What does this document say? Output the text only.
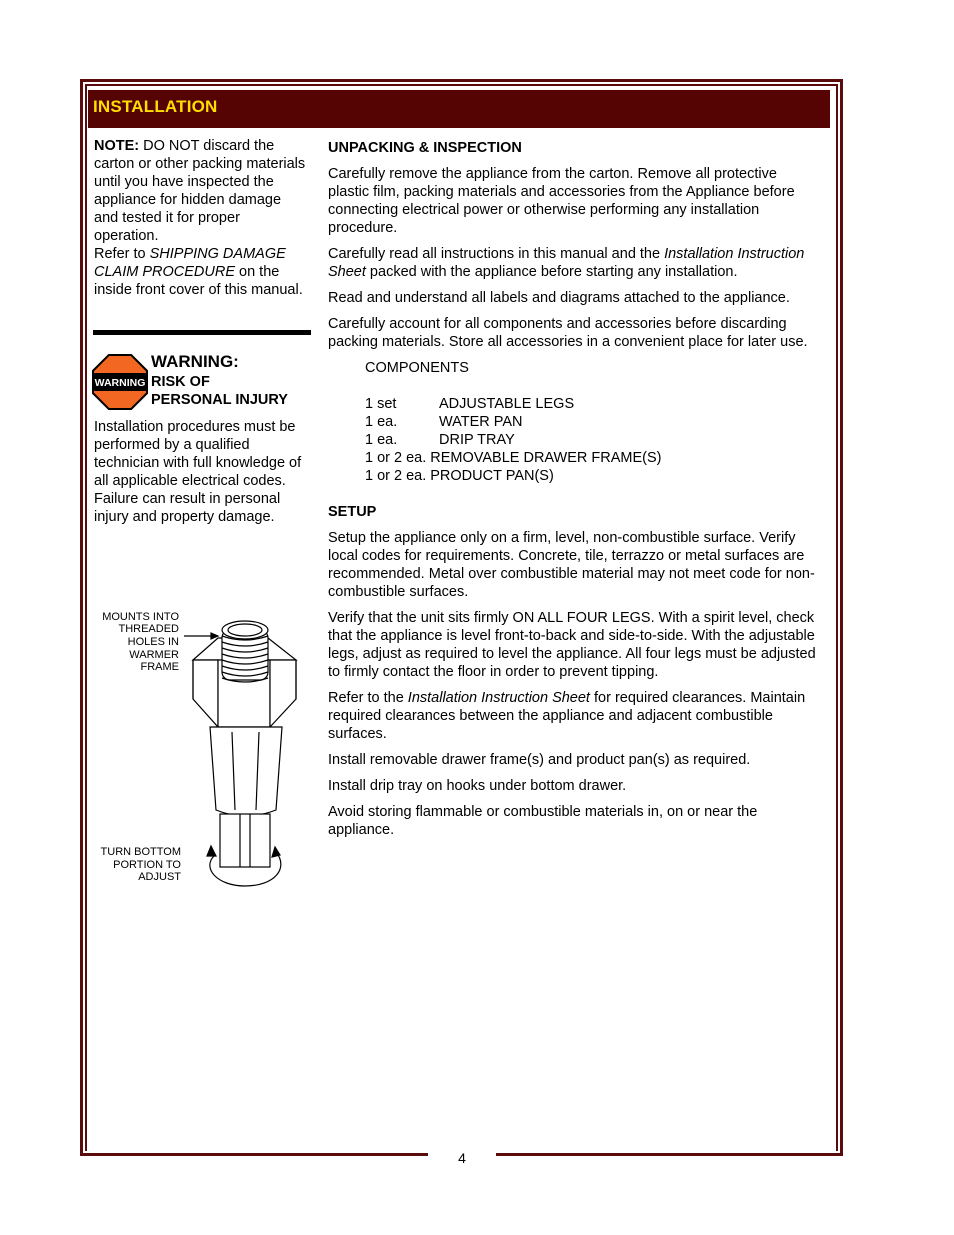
INSTALLATION

NOTE: DO NOT discard the carton or other packing materials until you have inspected the appliance for hidden damage and tested it for proper operation.

Refer to SHIPPING DAMAGE CLAIM PROCEDURE on the inside front cover of this manual.

WARNING
WARNING:
RISK OF
PERSONAL INJURY
Installation procedures must be performed by a qualified technician with full knowledge of all applicable electrical codes. Failure can result in personal injury and property damage.
MOUNTS INTO
THREADED
HOLES IN
WARMER
FRAME
TURN BOTTOM
PORTION TO
ADJUST
UNPACKING & INSPECTION

Carefully remove the appliance from the carton. Remove all protective plastic film, packing materials and accessories from the Appliance before connecting electrical power or otherwise performing any installation procedure.

Carefully read all instructions in this manual and the Installation Instruction Sheet packed with the appliance before starting any installation.

Read and understand all labels and diagrams attached to the appliance.

Carefully account for all components and accessories before discarding packing materials. Store all accessories in a convenient place for later use.

COMPONENTS
1 set	ADJUSTABLE LEGS
1 ea.	WATER PAN
1 ea.	DRIP TRAY
1 or 2 ea. REMOVABLE DRAWER FRAME(S)
1 or 2 ea. PRODUCT PAN(S)
SETUP

Setup the appliance only on a firm, level, non-combustible surface. Verify local codes for requirements. Concrete, tile, terrazzo or metal surfaces are recommended. Metal over combustible material may not meet code for non-combustible surfaces.

Verify that the unit sits firmly ON ALL FOUR LEGS. With a spirit level, check that the appliance is level front-to-back and side-to-side. With the adjustable legs, adjust as required to level the appliance. All four legs must be adjusted to firmly contact the floor in order to prevent tipping.

Refer to the Installation Instruction Sheet for required clearances. Maintain required clearances between the appliance and adjacent combustible surfaces.

Install removable drawer frame(s) and product pan(s) as required.

Install drip tray on hooks under bottom drawer.

Avoid storing flammable or combustible materials in, on or near the appliance.

4
